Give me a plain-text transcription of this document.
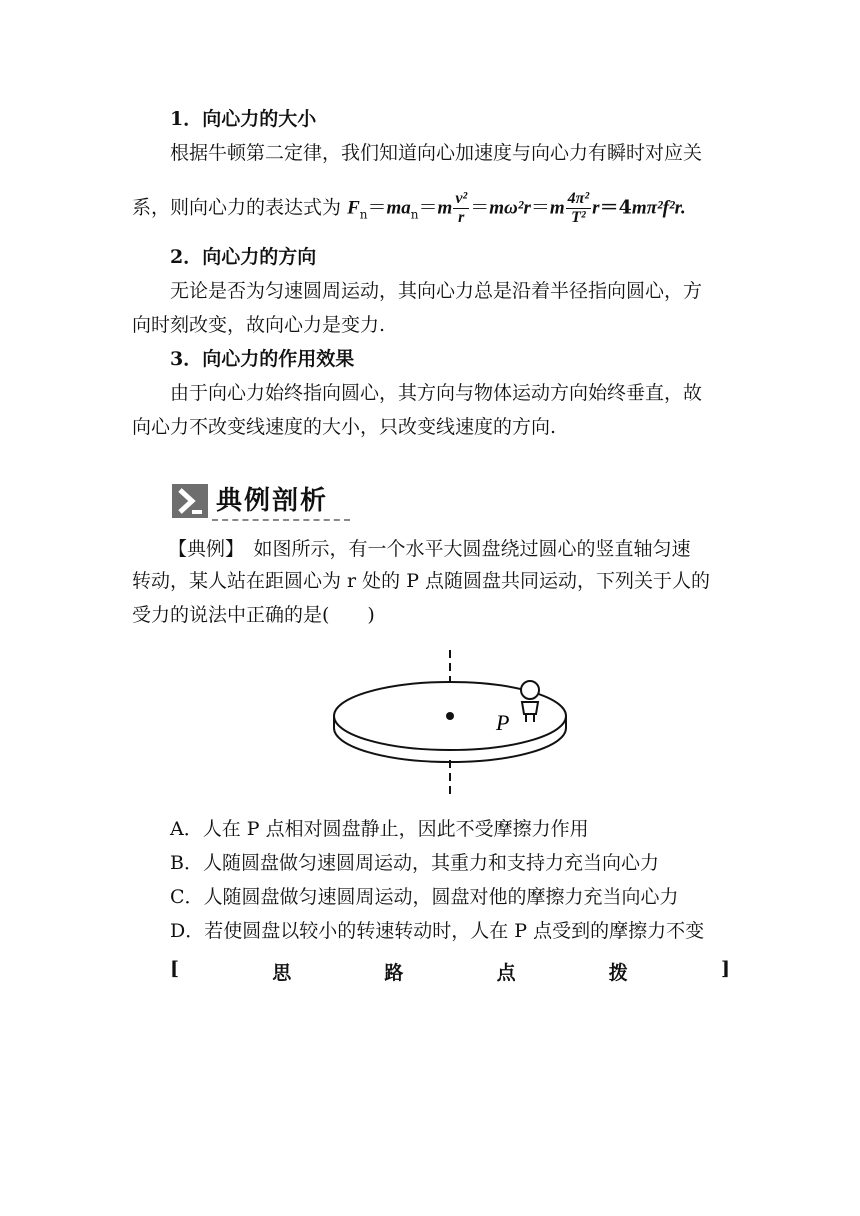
1．向心力的大小
根据牛顿第二定律，我们知道向心加速度与向心力有瞬时对应关
系，则向心力的表达式为 $F_n=ma_n=m \frac{\text{v²}}{r} =m\omega^2r=m \frac{\text{4π²}}{\text{T²}} r=4m\pi^2f^2r$.
2．向心力的方向
无论是否为匀速圆周运动，其向心力总是沿着半径指向圆心，方
向时刻改变，故向心力是变力.
3．向心力的作用效果
由于向心力始终指向圆心，其方向与物体运动方向始终垂直，故
向心力不改变线速度的大小，只改变线速度的方向.
典例剖析
【典例】　如图所示，有一个水平大圆盘绕过圆心的竖直轴匀速
转动，某人站在距圆心为 r 处的 P 点随圆盘共同运动，下列关于人的
受力的说法中正确的是(　　)
P
A．人在 P 点相对圆盘静止，因此不受摩擦力作用
B．人随圆盘做匀速圆周运动，其重力和支持力充当向心力
C．人随圆盘做匀速圆周运动，圆盘对他的摩擦力充当向心力
D．若使圆盘以较小的转速转动时，人在 P 点受到的摩擦力不变
[	思	路	点	拨	]
